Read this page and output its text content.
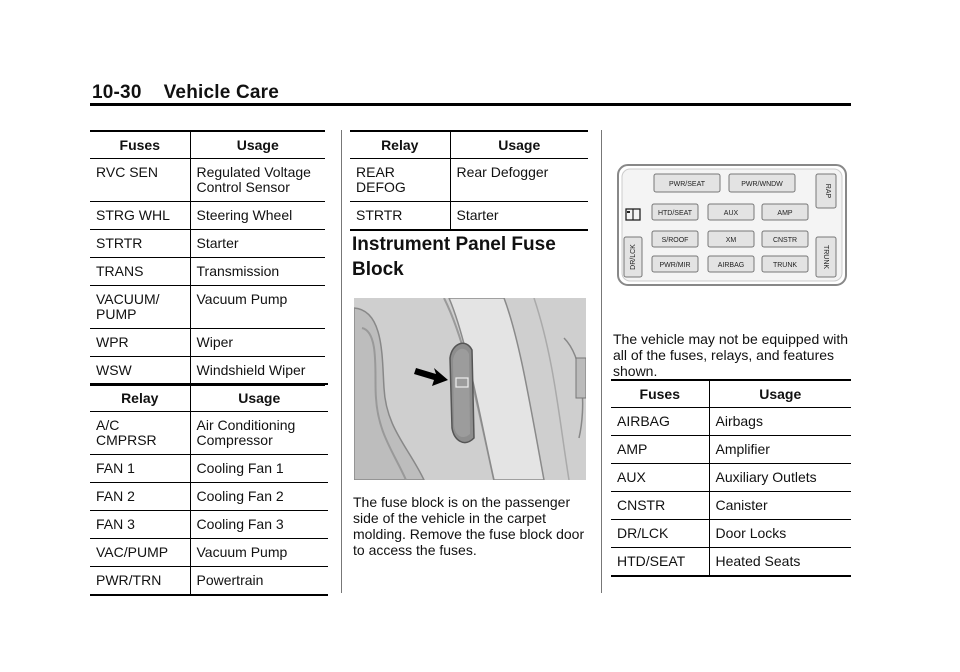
10-30 Vehicle Care
Fuses	Usage
RVC SEN	Regulated Voltage Control Sensor
STRG WHL	Steering Wheel
STRTR	Starter
TRANS	Transmission
VACUUM/ PUMP	Vacuum Pump
WPR	Wiper
WSW	Windshield Wiper
Relay	Usage
A/C CMPRSR	Air Conditioning Compressor
FAN 1	Cooling Fan 1
FAN 2	Cooling Fan 2
FAN 3	Cooling Fan 3
VAC/PUMP	Vacuum Pump
PWR/TRN	Powertrain
Relay	Usage
REAR DEFOG	Rear Defogger
STRTR	Starter
Instrument Panel Fuse Block
The fuse block is on the passenger side of the vehicle in the carpet molding. Remove the fuse block door to access the fuses.
PWR/SEAT	PWR/WNDW
HTD/SEAT	AUX	AMP
S/ROOF	XM	CNSTR
PWR/MIR	AIRBAG	TRUNK
RAP
DR/LCK	TRUNK
The vehicle may not be equipped with all of the fuses, relays, and features shown.
Fuses	Usage
AIRBAG	Airbags
AMP	Amplifier
AUX	Auxiliary Outlets
CNSTR	Canister
DR/LCK	Door Locks
HTD/SEAT	Heated Seats
